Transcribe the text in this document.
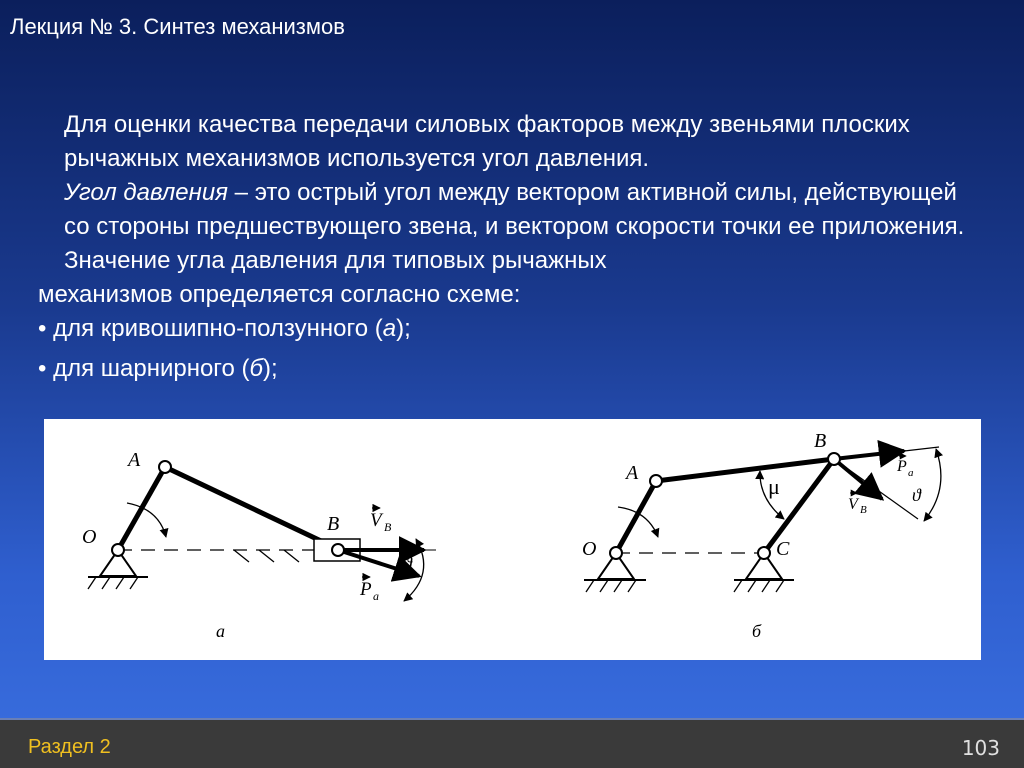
Лекция № 3. Синтез механизмов

Для оценки качества передачи силовых факторов между звеньями плоских рычажных механизмов используется угол давления.

Угол давления – это острый угол между вектором активной силы, действующей со стороны предшествующего звена, и вектором скорости точки ее приложения.

Значение угла давления для типовых рычажных

механизмов определяется согласно схеме:

• для кривошипно-ползунного (а);

• для шарнирного (б);

A
O
B V B
P a
ϑ
a
A
O
B
C
μ
P a
V B
ϑ
б
Раздел 2	103
